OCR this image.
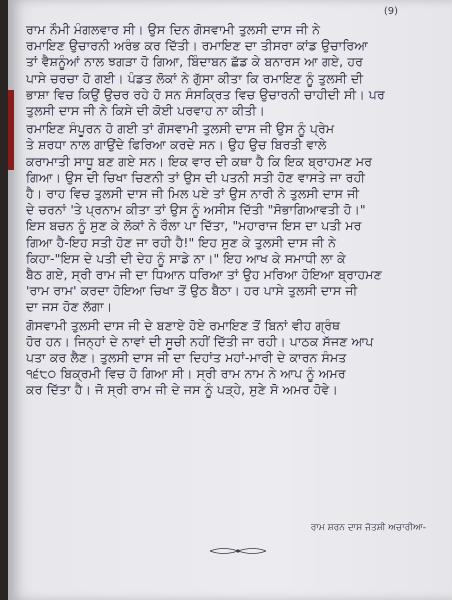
(9)

ਰਾਮ ਨੌਮੀ ਮੰਗਲਵਾਰ ਸੀ। ਉਸ ਦਿਨ ਗੋਸਵਾਮੀ ਤੁਲਸੀ ਦਾਸ ਜੀ ਨੇ
ਰਮਾਇਣ ਉਚਾਰਨੀ ਅਰੰਭ ਕਰ ਦਿੱਤੀ। ਰਮਾਇਣ ਦਾ ਤੀਸਰਾ ਕਾਂਡ ਉਚਾਰਿਆ
ਤਾਂ ਵੈਸ਼ਨੂੰਆਂ ਨਾਲ ਝਗੜਾ ਹੋ ਗਿਆ, ਬਿੰਦਾਬਨ ਛੱਡ ਕੇ ਬਨਾਰਸ ਆ ਗਏ, ਹਰ
ਪਾਸੇ ਚਰਚਾ ਹੋ ਗਈ। ਪੰਡਤ ਲੋਕਾਂ ਨੇ ਗੁੱਸਾ ਕੀਤਾ ਕਿ ਰਮਾਇਣ ਨੂੰ ਤੁਲਸੀ ਦੀ
ਭਾਸ਼ਾ ਵਿਚ ਕਿਉਂ ਉਚਰ ਰਹੇ ਹੋ ਸਨ ਸੰਸਕ੍ਰਿਤ ਵਿਚ ਉਚਾਰਨੀ ਚਾਹੀਦੀ ਸੀ। ਪਰ
ਤੁਲਸੀ ਦਾਸ ਜੀ ਨੇ ਕਿਸੇ ਦੀ ਕੋਈ ਪਰਵਾਹ ਨਾ ਕੀਤੀ।

ਰਮਾਇਣ ਸੰਪੂਰਨ ਹੋ ਗਈ ਤਾਂ ਗੋਸਵਾਮੀ ਤੁਲਸੀ ਦਾਸ ਜੀ ਉਸ ਨੂੰ ਪ੍ਰੇਮ
ਤੇ ਸ਼ਰਧਾ ਨਾਲ ਗਾਉਂਦੇ ਫਿਰਿਆ ਕਰਦੇ ਸਨ। ਉਹ ਉਚ ਬਿਰਤੀ ਵਾਲੇ
ਕਰਾਮਾਤੀ ਸਾਧੂ ਬਣ ਗਏ ਸਨ। ਇਕ ਵਾਰ ਦੀ ਕਥਾ ਹੈ ਕਿ ਇਕ ਬ੍ਰਾਹਮਣ ਮਰ
ਗਿਆ। ਉਸ ਦੀ ਚਿਖਾ ਚਿਣਨੀ ਤਾਂ ਉਸ ਦੀ ਪਤਨੀ ਸਤੀ ਹੋਣ ਵਾਸਤੇ ਜਾ ਰਹੀ
ਹੈ। ਰਾਹ ਵਿਚ ਤੁਲਸੀ ਦਾਸ ਜੀ ਮਿਲ ਪਏ ਤਾਂ ਉਸ ਨਾਰੀ ਨੇ ਤੁਲਸੀ ਦਾਸ ਜੀ
ਦੇ ਚਰਨਾਂ 'ਤੇ ਪ੍ਰਨਾਮ ਕੀਤਾ ਤਾਂ ਉਸ ਨੂੰ ਅਸੀਸ ਦਿੱਤੀ "ਸੋਭਾਗਿਆਵਤੀ ਹੋ।"
ਇਸ ਬਚਨ ਨੂੰ ਸੁਣ ਕੇ ਲੋਕਾਂ ਨੇ ਰੌਲਾ ਪਾ ਦਿੱਤਾ, "ਮਹਾਰਾਜ ਇਸ ਦਾ ਪਤੀ ਮਰ
ਗਿਆ ਹੈ-ਇਹ ਸਤੀ ਹੋਣ ਜਾ ਰਹੀ ਹੈ!" ਇਹ ਸੁਣ ਕੇ ਤੁਲਸੀ ਦਾਸ ਜੀ ਨੇ
ਕਿਹਾ-"ਇਸ ਦੇ ਪਤੀ ਦੀ ਦੇਹ ਨੂੰ ਸਾਡੇ ਨਾ।" ਇਹ ਆਖ ਕੇ ਸਮਾਧੀ ਲਾ ਕੇ
ਬੈਠ ਗਏ, ਸ੍ਰੀ ਰਾਮ ਜੀ ਦਾ ਧਿਆਨ ਧਰਿਆ ਤਾਂ ਉਹ ਮਰਿਆ ਹੋਇਆ ਬ੍ਰਾਹਮਣ
'ਰਾਮ ਰਾਮ' ਕਰਦਾ ਹੋਇਆ ਚਿਖਾ ਤੋਂ ਉਠ ਬੈਠਾ। ਹਰ ਪਾਸੇ ਤੁਲਸੀ ਦਾਸ ਜੀ
ਦਾ ਜਸ ਹੋਣ ਲੱਗਾ।

ਗੋਸਵਾਮੀ ਤੁਲਸੀ ਦਾਸ ਜੀ ਦੇ ਬਣਾਏ ਹੋਏ ਰਮਾਇਣ ਤੋਂ ਬਿਨਾਂ ਵੀਹ ਗ੍ਰੰਥ
ਹੋਰ ਹਨ। ਜਿਨ੍ਹਾਂ ਦੇ ਨਾਵਾਂ ਦੀ ਸੂਚੀ ਨਹੀਂ ਦਿੱਤੀ ਜਾ ਰਹੀ। ਪਾਠਕ ਸੱਜਣ ਆਪ
ਪਤਾ ਕਰ ਲੈਣ। ਤੁਲਸੀ ਦਾਸ ਜੀ ਦਾ ਦਿਹਾਂਤ ਮਹਾਂ-ਮਾਰੀ ਦੇ ਕਾਰਨ ਸੰਮਤ
੧੬੮੦ ਬਿਕ੍ਰਮੀ ਵਿਚ ਹੋ ਗਿਆ ਸੀ। ਸ੍ਰੀ ਰਾਮ ਨਾਮ ਨੇ ਆਪ ਨੂੰ ਅਮਰ
ਕਰ ਦਿੱਤਾ ਹੈ। ਜੋ ਸ੍ਰੀ ਰਾਮ ਜੀ ਦੇ ਜਸ ਨੂੰ ਪੜ੍ਹੇ, ਸੁਣੇ ਸੋ ਅਮਰ ਹੋਵੇ।

ਰਾਮ ਸ਼ਰਨ ਦਾਸ ਜੋਤਸ਼ੀ ਅਚਾਰੀਆ-
